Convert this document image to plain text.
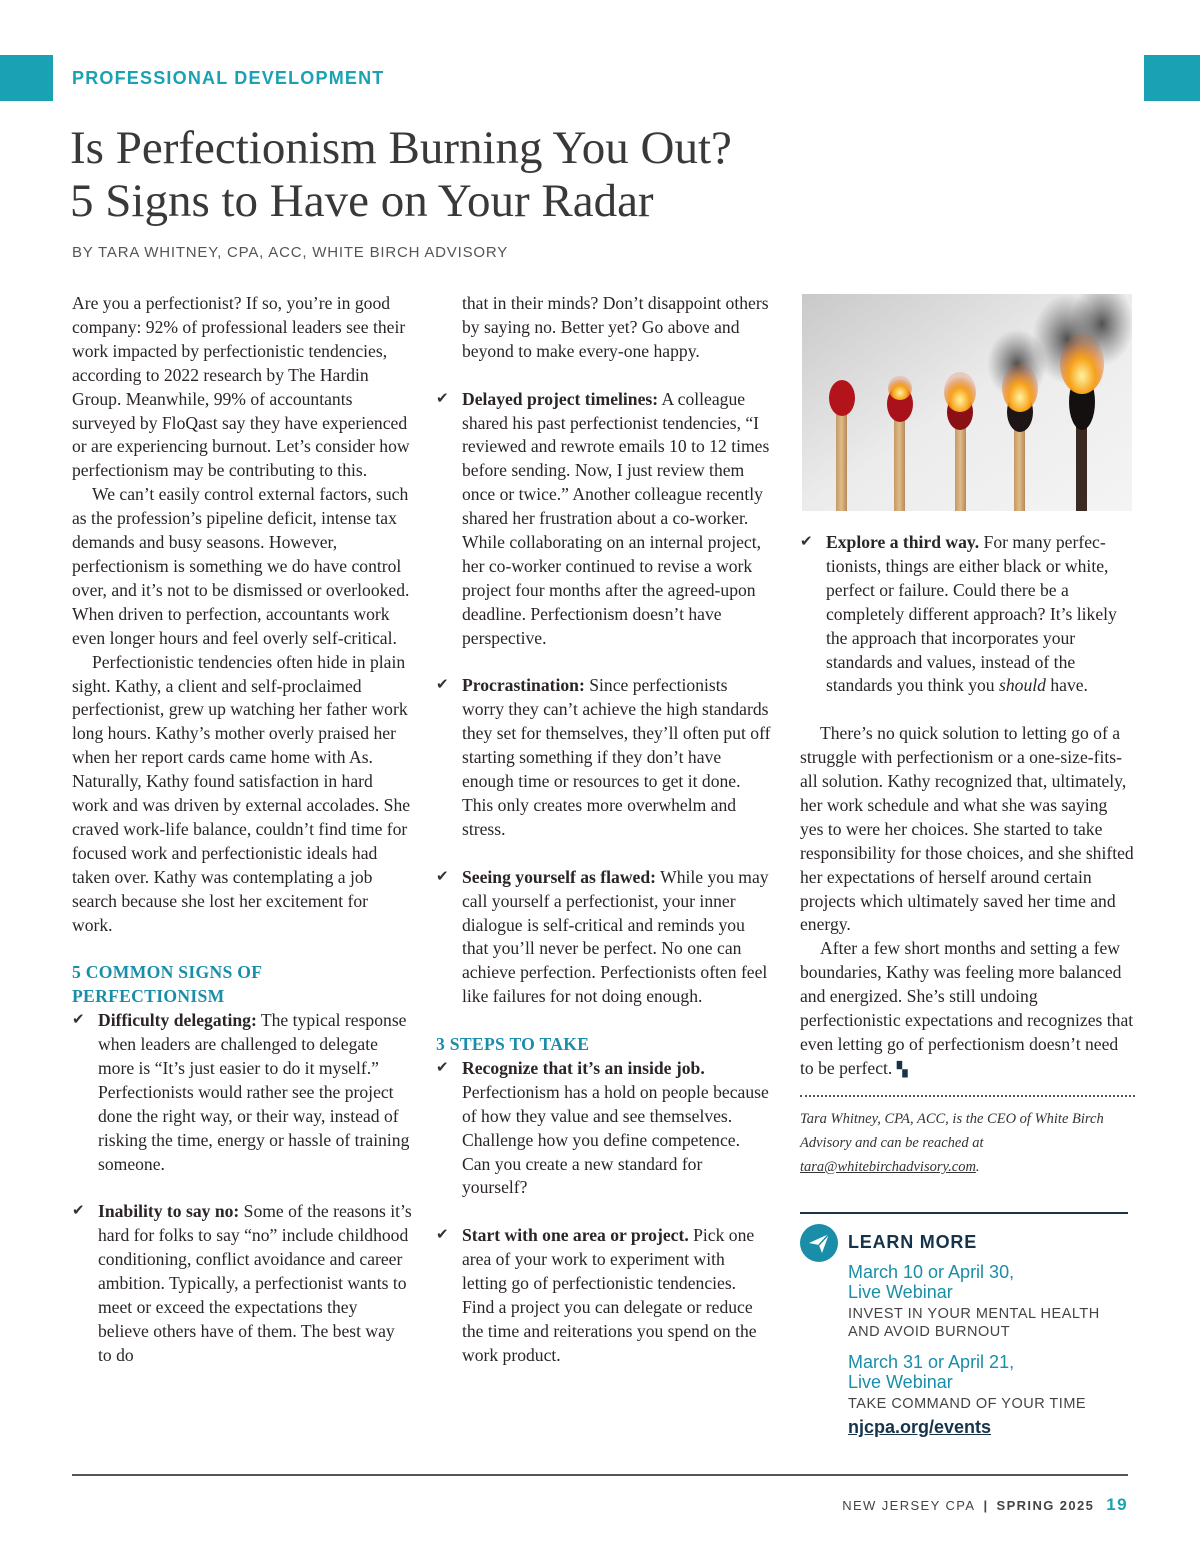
PROFESSIONAL DEVELOPMENT
Is Perfectionism Burning You Out?
5 Signs to Have on Your Radar
BY TARA WHITNEY, CPA, ACC, WHITE BIRCH ADVISORY

Are you a perfectionist? If so, you’re in good company: 92% of professional leaders see their work impacted by perfectionistic tendencies, according to 2022 research by The Hardin Group. Meanwhile, 99% of accountants surveyed by FloQast say they have experienced or are experiencing burnout. Let’s consider how perfectionism may be contributing to this.

We can’t easily control external factors, such as the profession’s pipeline deficit, intense tax demands and busy seasons. However, perfectionism is something we do have control over, and it’s not to be dismissed or overlooked. When driven to perfection, accountants work even longer hours and feel overly self-critical.

Perfectionistic tendencies often hide in plain sight. Kathy, a client and self-proclaimed perfectionist, grew up watching her father work long hours. Kathy’s mother overly praised her when her report cards came home with As. Naturally, Kathy found satisfaction in hard work and was driven by external accolades. She craved work-life balance, couldn’t find time for focused work and perfectionistic ideals had taken over. Kathy was contemplating a job search because she lost her excitement for work.

5 COMMON SIGNS OF
PERFECTIONISM
✔ Difficulty delegating: The typical response when leaders are challenged to delegate more is “It’s just easier to do it myself.” Perfectionists would rather see the project done the right way, or their way, instead of risking the time, energy or hassle of training someone.
✔ Inability to say no: Some of the reasons it’s hard for folks to say “no” include childhood conditioning, conflict avoidance and career ambition. Typically, a perfectionist wants to meet or exceed the expectations they believe others have of them. The best way to do
that in their minds? Don’t disappoint others by saying no. Better yet? Go above and beyond to make every-one happy.
✔ Delayed project timelines: A colleague shared his past perfectionist tendencies, “I reviewed and rewrote emails 10 to 12 times before sending. Now, I just review them once or twice.” Another colleague recently shared her frustration about a co-worker. While collaborating on an internal project, her co-worker continued to revise a work project four months after the agreed-upon deadline. Perfectionism doesn’t have perspective.
✔ Procrastination: Since perfectionists worry they can’t achieve the high standards they set for themselves, they’ll often put off starting something if they don’t have enough time or resources to get it done. This only creates more overwhelm and stress.
✔ Seeing yourself as flawed: While you may call yourself a perfectionist, your inner dialogue is self-critical and reminds you that you’ll never be perfect. No one can achieve perfection. Perfectionists often feel like failures for not doing enough.
3 STEPS TO TAKE
✔ Recognize that it’s an inside job. Perfectionism has a hold on people because of how they value and see themselves. Challenge how you define competence. Can you create a new standard for yourself?
✔ Start with one area or project. Pick one area of your work to experiment with letting go of perfectionistic tendencies. Find a project you can delegate or reduce the time and reiterations you spend on the work product.
✔ Explore a third way. For many perfec-tionists, things are either black or white, perfect or failure. Could there be a completely different approach? It’s likely the approach that incorporates your standards and values, instead of the standards you think you should have.

There’s no quick solution to letting go of a struggle with perfectionism or a one-size-fits-all solution. Kathy recognized that, ultimately, her work schedule and what she was saying yes to were her choices. She started to take responsibility for those choices, and she shifted her expectations of herself around certain projects which ultimately saved her time and energy.

After a few short months and setting a few boundaries, Kathy was feeling more balanced and energized. She’s still undoing perfectionistic expectations and recognizes that even letting go of perfectionism doesn’t need to be perfect. ▚

Tara Whitney, CPA, ACC, is the CEO of White Birch Advisory and can be reached at tara@whitebirchadvisory.com.
LEARN MORE
March 10 or April 30,
Live Webinar
INVEST IN YOUR MENTAL HEALTH AND AVOID BURNOUT
March 31 or April 21,
Live Webinar
TAKE COMMAND OF YOUR TIME
njcpa.org/events
NEW JERSEY CPA | SPRING 2025 19
